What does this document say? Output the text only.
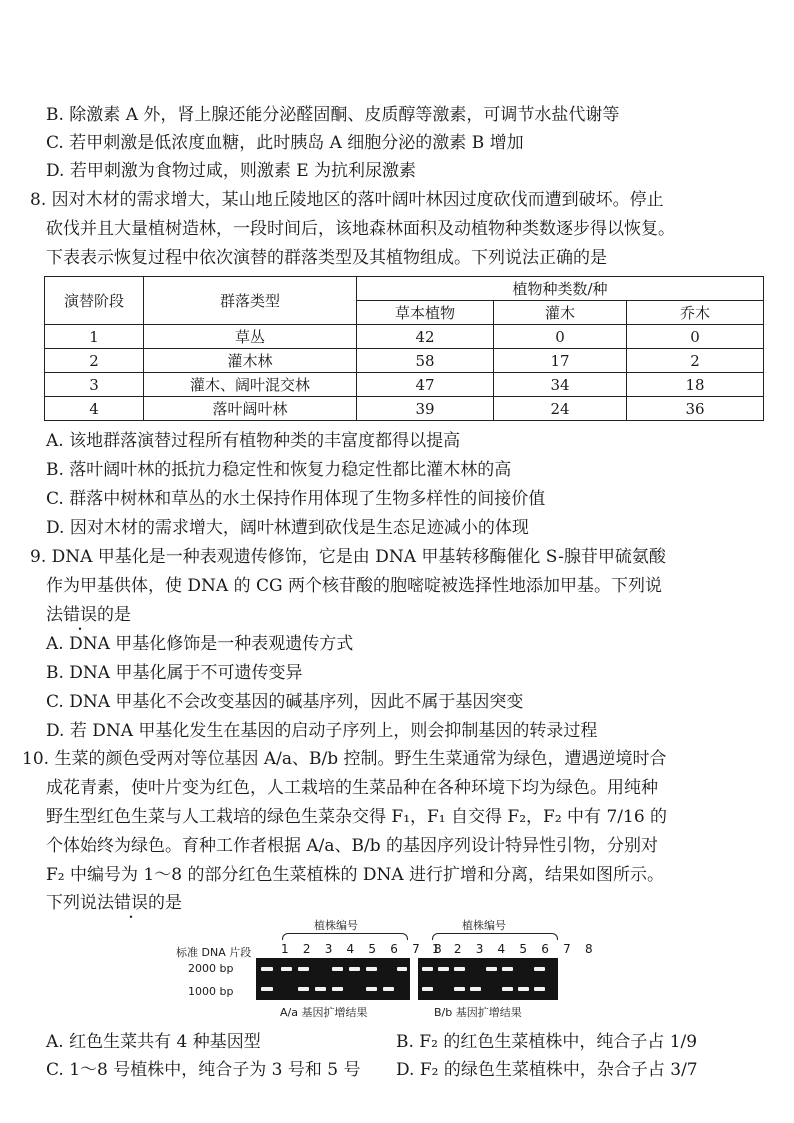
B. 除激素 A 外，肾上腺还能分泌醛固酮、皮质醇等激素，可调节水盐代谢等
C. 若甲刺激是低浓度血糖，此时胰岛 A 细胞分泌的激素 B 增加
D. 若甲刺激为食物过咸，则激素 E 为抗利尿激素
8. 因对木材的需求增大，某山地丘陵地区的落叶阔叶林因过度砍伐而遭到破坏。停止
砍伐并且大量植树造林，一段时间后，该地森林面积及动植物种类数逐步得以恢复。
下表表示恢复过程中依次演替的群落类型及其植物组成。下列说法正确的是
演替阶段	群落类型	植物种类数/种		
		草本植物	灌木	乔木
1	草丛	42	0	0
2	灌木林	58	17	2
3	灌木、阔叶混交林	47	34	18
4	落叶阔叶林	39	24	36
A. 该地群落演替过程所有植物种类的丰富度都得以提高
B. 落叶阔叶林的抵抗力稳定性和恢复力稳定性都比灌木林的高
C. 群落中树林和草丛的水土保持作用体现了生物多样性的间接价值
D. 因对木材的需求增大，阔叶林遭到砍伐是生态足迹减小的体现
9. DNA 甲基化是一种表观遗传修饰，它是由 DNA 甲基转移酶催化 S-腺苷甲硫氨酸
作为甲基供体，使 DNA 的 CG 两个核苷酸的胞嘧啶被选择性地添加甲基。下列说
法错误的是
A. DNA 甲基化修饰是一种表观遗传方式
B. DNA 甲基化属于不可遗传变异
C. DNA 甲基化不会改变基因的碱基序列，因此不属于基因突变
D. 若 DNA 甲基化发生在基因的启动子序列上，则会抑制基因的转录过程
10. 生菜的颜色受两对等位基因 A/a、B/b 控制。野生生菜通常为绿色，遭遇逆境时合
成花青素，使叶片变为红色，人工栽培的生菜品种在各种环境下均为绿色。用纯种
野生型红色生菜与人工栽培的绿色生菜杂交得 F₁，F₁ 自交得 F₂，F₂ 中有 7/16 的
个体始终为绿色。育种工作者根据 A/a、B/b 的基因序列设计特异性引物，分别对
F₂ 中编号为 1～8 的部分红色生菜植株的 DNA 进行扩增和分离，结果如图所示。
下列说法错误的是
植株编号	植株编号
标准 DNA 片段 1 2 3 4 5 6 7 8
1 2 3 4 5 6 7 8
2000 bp
1000 bp
A/a 基因扩增结果	B/b 基因扩增结果
A. 红色生菜共有 4 种基因型	B. F₂ 的红色生菜植株中，纯合子占 1/9
C. 1～8 号植株中，纯合子为 3 号和 5 号 D. F₂ 的绿色生菜植株中，杂合子占 3/7
